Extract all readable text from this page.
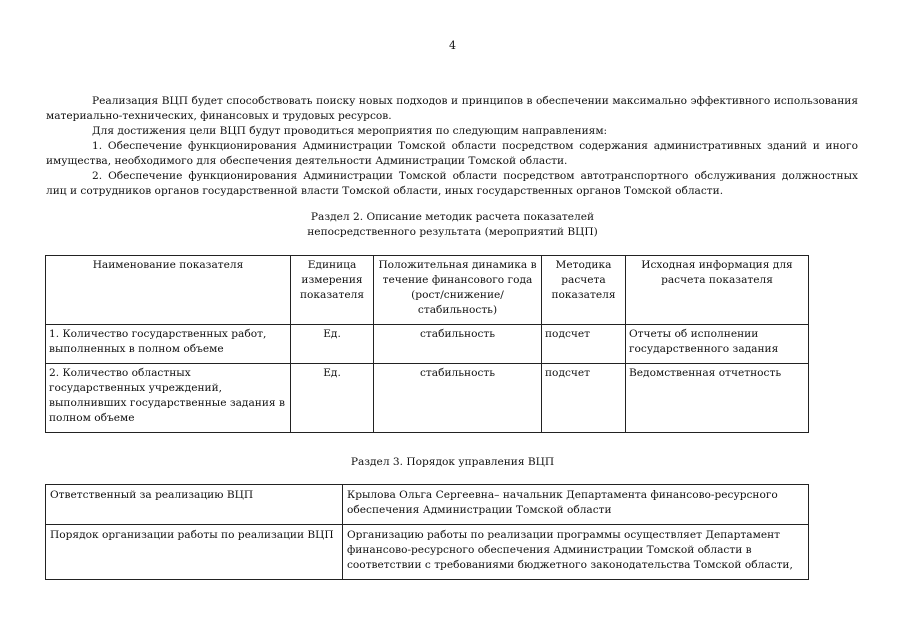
4

Реализация ВЦП будет способствовать поиску новых подходов и принципов в обеспечении максимально эффективного использования материально-технических, финансовых и трудовых ресурсов.

Для достижения цели ВЦП будут проводиться мероприятия по следующим направлениям:

1. Обеспечение функционирования Администрации Томской области посредством содержания административных зданий и иного имущества, необходимого для обеспечения деятельности Администрации Томской области.

2. Обеспечение функционирования Администрации Томской области посредством автотранспортного обслуживания должностных лиц и сотрудников органов государственной власти Томской области, иных государственных органов Томской области.

Раздел 2. Описание методик расчета показателей
непосредственного результата (мероприятий ВЦП)
Наименование показателя	Единица измерения показателя	Положительная динамика в течение финансового года (рост/снижение/ стабильность)	Методика расчета показателя	Исходная информация для расчета показателя
1. Количество государственных работ, выполненных в полном объеме	Ед.	стабильность	подсчет	Отчеты об исполнении государственного задания
2. Количество областных государственных учреждений, выполнивших государственные задания в полном объеме	Ед.	стабильность	подсчет	Ведомственная отчетность
Раздел 3. Порядок управления ВЦП
Ответственный за реализацию ВЦП	Крылова Ольга Сергеевна– начальник Департамента финансово-ресурсного обеспечения Администрации Томской области
Порядок организации работы по реализации ВЦП	Организацию работы по реализации программы осуществляет Департамент финансово-ресурсного обеспечения Администрации Томской области в соответствии с требованиями бюджетного законодательства Томской области,
